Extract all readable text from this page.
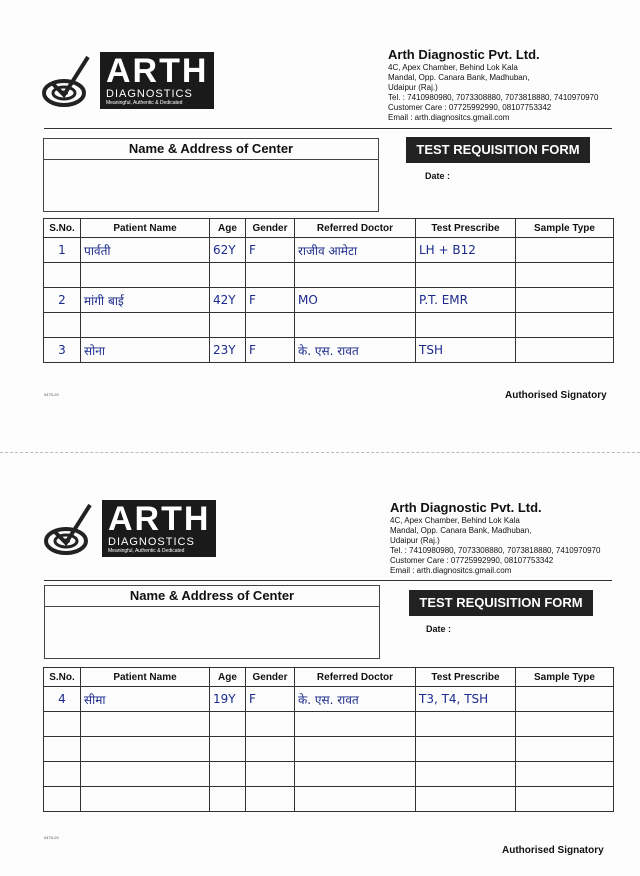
ARTH
DIAGNOSTICS
Meaningful, Authentic & Dedicated
Arth Diagnostic Pvt. Ltd.
4C, Apex Chamber, Behind Lok Kala
Mandal, Opp. Canara Bank, Madhuban,
Udaipur (Raj.)
Tel. : 7410980980, 7073308880, 7073818880, 7410970970
Customer Care : 07725992990, 08107753342
Email : arth.diagnositcs.gmail.com
Name & Address of Center	TEST REQUISITION FORM
Date :
S.No.	Patient Name	Age	Gender	Referred Doctor	Test Prescribe	Sample Type
1	पार्वती	62Y	F	राजीव आमेटा	LH + B12	

2	मांगी बाई	42Y	F	MO	P.T. EMR	

3	सोना	23Y	F	के. एस. रावत	TSH	
0479-20	Authorised Signatory
ARTH
DIAGNOSTICS
Meaningful, Authentic & Dedicated
Arth Diagnostic Pvt. Ltd.
4C, Apex Chamber, Behind Lok Kala
Mandal, Opp. Canara Bank, Madhuban,
Udaipur (Raj.)
Tel. : 7410980980, 7073308880, 7073818880, 7410970970
Customer Care : 07725992990, 08107753342
Email : arth.diagnositcs.gmail.com
Name & Address of Center	TEST REQUISITION FORM
Date :
S.No.	Patient Name	Age	Gender	Referred Doctor	Test Prescribe	Sample Type
4	सीमा	19Y	F	के. एस. रावत	T3, T4, TSH	

0479-20
Authorised Signatory
